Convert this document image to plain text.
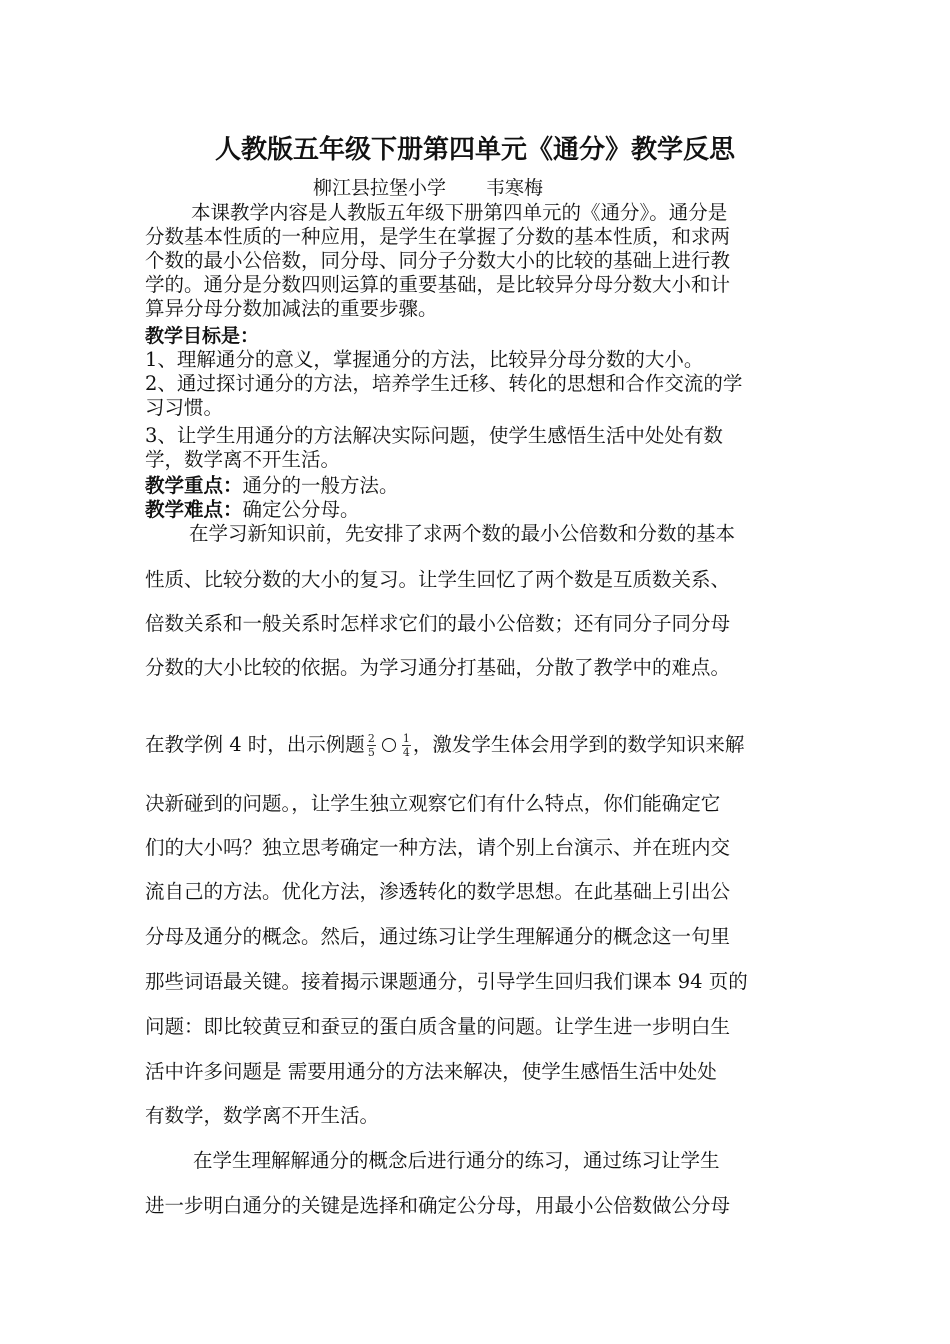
人教版五年级下册第四单元《通分》教学反思
柳江县拉堡小学 韦寒梅
本课教学内容是人教版五年级下册第四单元的《通分》。通分是
分数基本性质的一种应用，是学生在掌握了分数的基本性质，和求两
个数的最小公倍数，同分母、同分子分数大小的比较的基础上进行教
学的。通分是分数四则运算的重要基础，是比较异分母分数大小和计
算异分母分数加减法的重要步骤。
教学目标是：
1、理解通分的意义，掌握通分的方法，比较异分母分数的大小。
2、通过探讨通分的方法，培养学生迁移、转化的思想和合作交流的学
习习惯。
3、让学生用通分的方法解决实际问题，使学生感悟生活中处处有数
学，数学离不开生活。
教学重点：通分的一般方法。
教学难点：确定公分母。
在学习新知识前，先安排了求两个数的最小公倍数和分数的基本
性质、比较分数的大小的复习。让学生回忆了两个数是互质数关系、
倍数关系和一般关系时怎样求它们的最小公倍数；还有同分子同分母
分数的大小比较的依据。为学习通分打基础，分散了教学中的难点。
在教学例 4 时，出示例题 $\frac{2}{5} \frac{1}{4}$ ，激发学生体会用学到的数学知识来解
决新碰到的问题。，让学生独立观察它们有什么特点，你们能确定它
们的大小吗？独立思考确定一种方法，请个别上台演示、并在班内交
流自己的方法。优化方法，渗透转化的数学思想。在此基础上引出公
分母及通分的概念。然后，通过练习让学生理解通分的概念这一句里
那些词语最关键。接着揭示课题通分，引导学生回归我们课本 94 页的
问题：即比较黄豆和蚕豆的蛋白质含量的问题。让学生进一步明白生
活中许多问题是 需要用通分的方法来解决，使学生感悟生活中处处
有数学，数学离不开生活。
在学生理解解通分的概念后进行通分的练习，通过练习让学生
进一步明白通分的关键是选择和确定公分母，用最小公倍数做公分母
